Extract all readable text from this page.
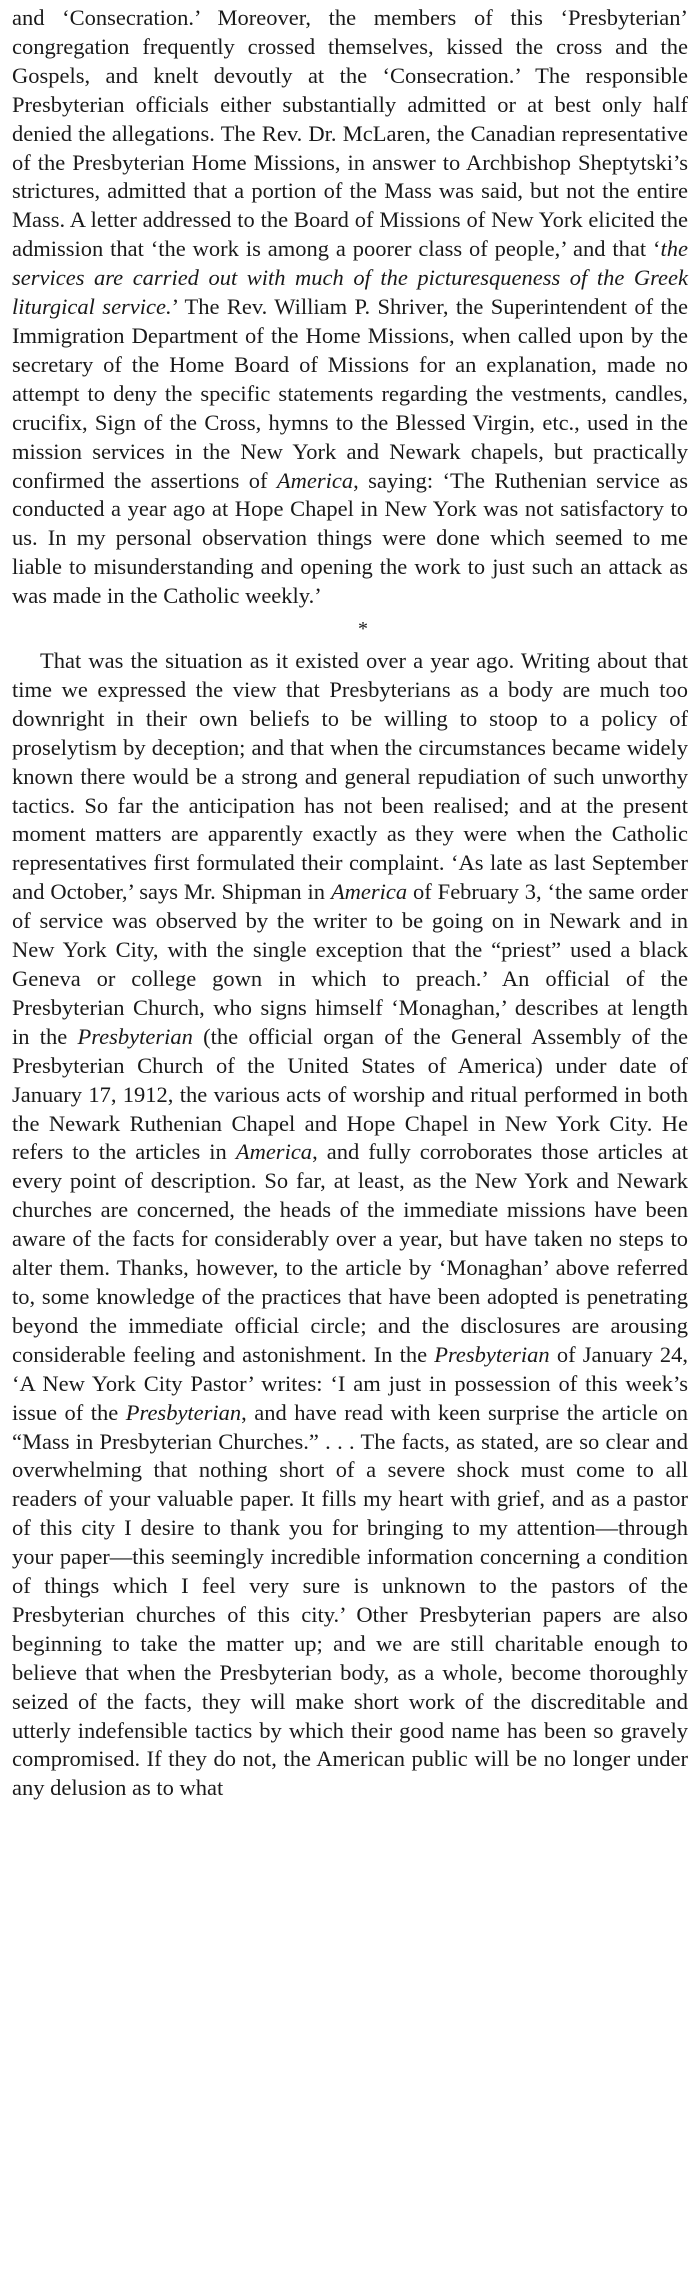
and ‘Consecration.’ Moreover, the members of this ‘Presbyterian’ congregation frequently crossed themselves, kissed the cross and the Gospels, and knelt devoutly at the ‘Consecration.’ The responsible Presbyterian officials either substantially admitted or at best only half denied the allegations. The Rev. Dr. McLaren, the Canadian representative of the Presbyterian Home Missions, in answer to Archbishop Sheptytski’s strictures, admitted that a portion of the Mass was said, but not the entire Mass. A letter addressed to the Board of Missions of New York elicited the admission that ‘the work is among a poorer class of people,’ and that ‘the services are carried out with much of the picturesqueness of the Greek liturgical service.’ The Rev. William P. Shriver, the Superintendent of the Immigration Department of the Home Missions, when called upon by the secretary of the Home Board of Missions for an explanation, made no attempt to deny the specific statements regarding the vestments, candles, crucifix, Sign of the Cross, hymns to the Blessed Virgin, etc., used in the mission services in the New York and Newark chapels, but practically confirmed the assertions of America, saying: ‘The Ruthenian service as conducted a year ago at Hope Chapel in New York was not satisfactory to us. In my personal observation things were done which seemed to me liable to misunderstanding and opening the work to just such an attack as was made in the Catholic weekly.’

*

That was the situation as it existed over a year ago. Writing about that time we expressed the view that Presbyterians as a body are much too downright in their own beliefs to be willing to stoop to a policy of proselytism by deception; and that when the circumstances became widely known there would be a strong and general repudiation of such unworthy tactics. So far the anticipation has not been realised; and at the present moment matters are apparently exactly as they were when the Catholic representatives first formulated their complaint. ‘As late as last September and October,’ says Mr. Shipman in America of February 3, ‘the same order of service was observed by the writer to be going on in Newark and in New York City, with the single exception that the “priest” used a black Geneva or college gown in which to preach.’ An official of the Presbyterian Church, who signs himself ‘Monaghan,’ describes at length in the Presbyterian (the official organ of the General Assembly of the Presbyterian Church of the United States of America) under date of January 17, 1912, the various acts of worship and ritual performed in both the Newark Ruthenian Chapel and Hope Chapel in New York City. He refers to the articles in America, and fully corroborates those articles at every point of description. So far, at least, as the New York and Newark churches are concerned, the heads of the immediate missions have been aware of the facts for considerably over a year, but have taken no steps to alter them. Thanks, however, to the article by ‘Monaghan’ above referred to, some knowledge of the practices that have been adopted is penetrating beyond the immediate official circle; and the disclosures are arousing considerable feeling and astonishment. In the Presbyterian of January 24, ‘A New York City Pastor’ writes: ‘I am just in possession of this week’s issue of the Presbyterian, and have read with keen surprise the article on “Mass in Presbyterian Churches.” . . . The facts, as stated, are so clear and overwhelming that nothing short of a severe shock must come to all readers of your valuable paper. It fills my heart with grief, and as a pastor of this city I desire to thank you for bringing to my attention—through your paper—this seemingly incredible information concerning a condition of things which I feel very sure is unknown to the pastors of the Presbyterian churches of this city.’ Other Presbyterian papers are also beginning to take the matter up; and we are still charitable enough to believe that when the Presbyterian body, as a whole, become thoroughly seized of the facts, they will make short work of the discreditable and utterly indefensible tactics by which their good name has been so gravely compromised. If they do not, the American public will be no longer under any delusion as to what
